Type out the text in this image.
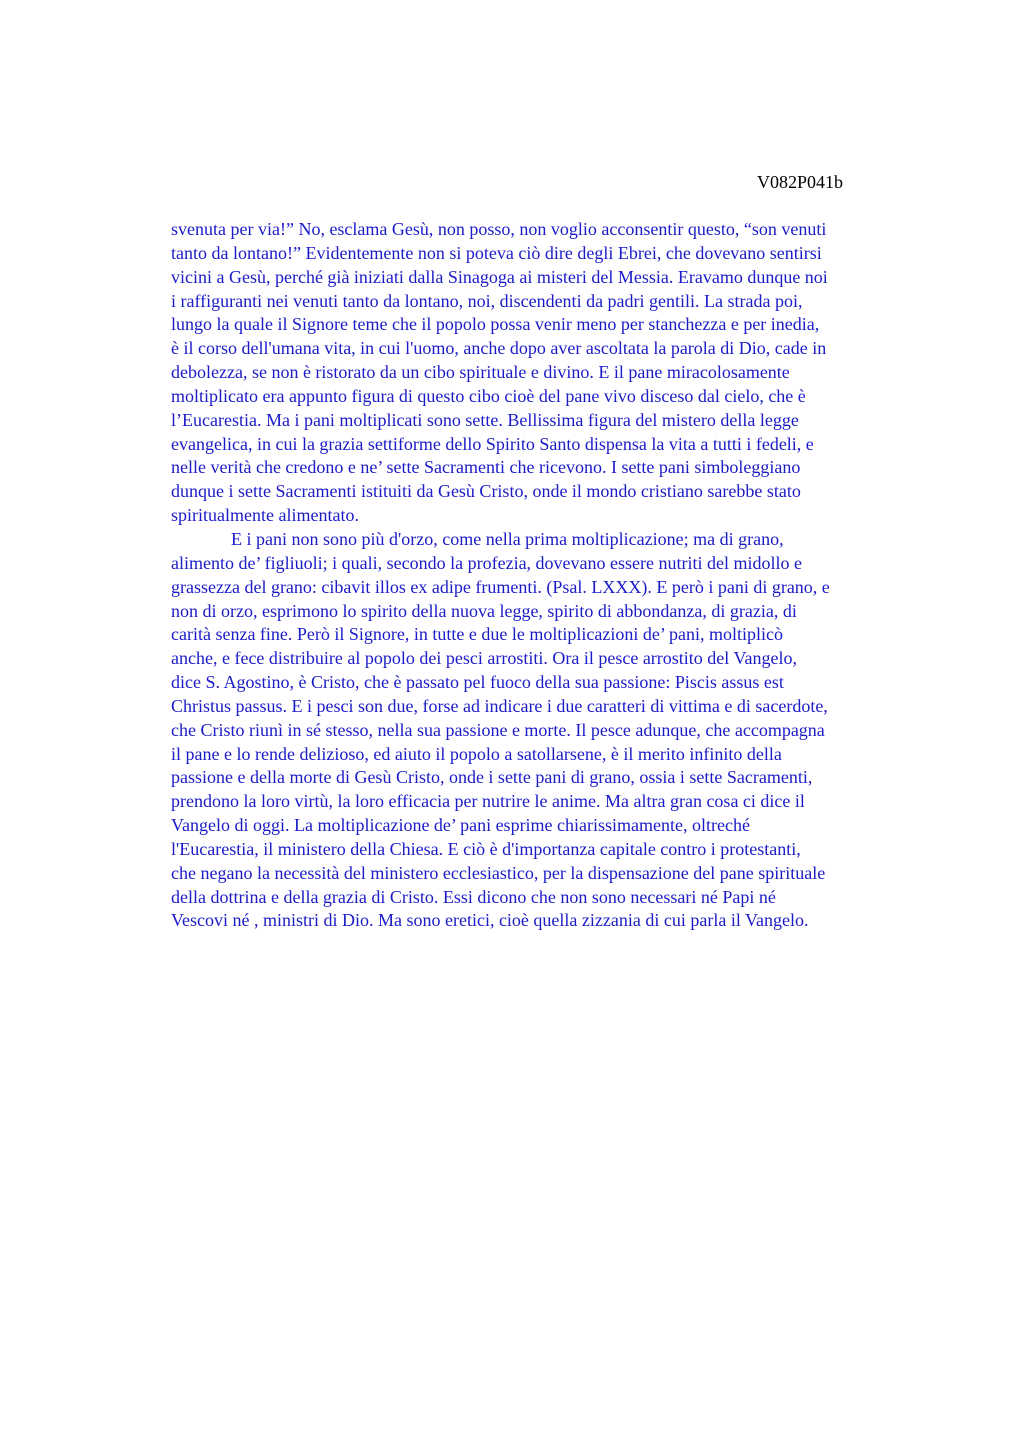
V082P041b
svenuta per via!” No, esclama Gesù, non posso, non voglio acconsentir questo, “son venuti
tanto da lontano!” Evidentemente non si poteva ciò dire degli Ebrei, che dovevano sentirsi
vicini a Gesù, perché già iniziati dalla Sinagoga ai misteri del Messia. Eravamo dunque noi
i raffiguranti nei venuti tanto da lontano, noi, discendenti da padri gentili. La strada poi,
lungo la quale il Signore teme che il popolo possa venir meno per stanchezza e per inedia,
è il corso dell'umana vita, in cui l'uomo, anche dopo aver ascoltata la parola di Dio, cade in
debolezza, se non è ristorato da un cibo spirituale e divino. E il pane miracolosamente
moltiplicato era appunto figura di questo cibo cioè del pane vivo disceso dal cielo, che è
l’Eucarestia. Ma i pani moltiplicati sono sette. Bellissima figura del mistero della legge
evangelica, in cui la grazia settiforme dello Spirito Santo dispensa la vita a tutti i fedeli, e
nelle verità che credono e ne’ sette Sacramenti che ricevono. I sette pani simboleggiano
dunque i sette Sacramenti istituiti da Gesù Cristo, onde il mondo cristiano sarebbe stato
spiritualmente alimentato.
E i pani non sono più d'orzo, come nella prima moltiplicazione; ma di grano,
alimento de’ figliuoli; i quali, secondo la profezia, dovevano essere nutriti del midollo e
grassezza del grano: cibavit illos ex adipe frumenti. (Psal. LXXX). E però i pani di grano, e
non di orzo, esprimono lo spirito della nuova legge, spirito di abbondanza, di grazia, di
carità senza fine. Però il Signore, in tutte e due le moltiplicazioni de’ pani, moltiplicò
anche, e fece distribuire al popolo dei pesci arrostiti. Ora il pesce arrostito del Vangelo,
dice S. Agostino, è Cristo, che è passato pel fuoco della sua passione: Piscis assus est
Christus passus. E i pesci son due, forse ad indicare i due caratteri di vittima e di sacerdote,
che Cristo riunì in sé stesso, nella sua passione e morte. Il pesce adunque, che accompagna
il pane e lo rende delizioso, ed aiuto il popolo a satollarsene, è il merito infinito della
passione e della morte di Gesù Cristo, onde i sette pani di grano, ossia i sette Sacramenti,
prendono la loro virtù, la loro efficacia per nutrire le anime. Ma altra gran cosa ci dice il
Vangelo di oggi. La moltiplicazione de’ pani esprime chiarissimamente, oltreché
l'Eucarestia, il ministero della Chiesa. E ciò è d'importanza capitale contro i protestanti,
che negano la necessità del ministero ecclesiastico, per la dispensazione del pane spirituale
della dottrina e della grazia di Cristo. Essi dicono che non sono necessari né Papi né
Vescovi né , ministri di Dio. Ma sono eretici, cioè quella zizzania di cui parla il Vangelo.
